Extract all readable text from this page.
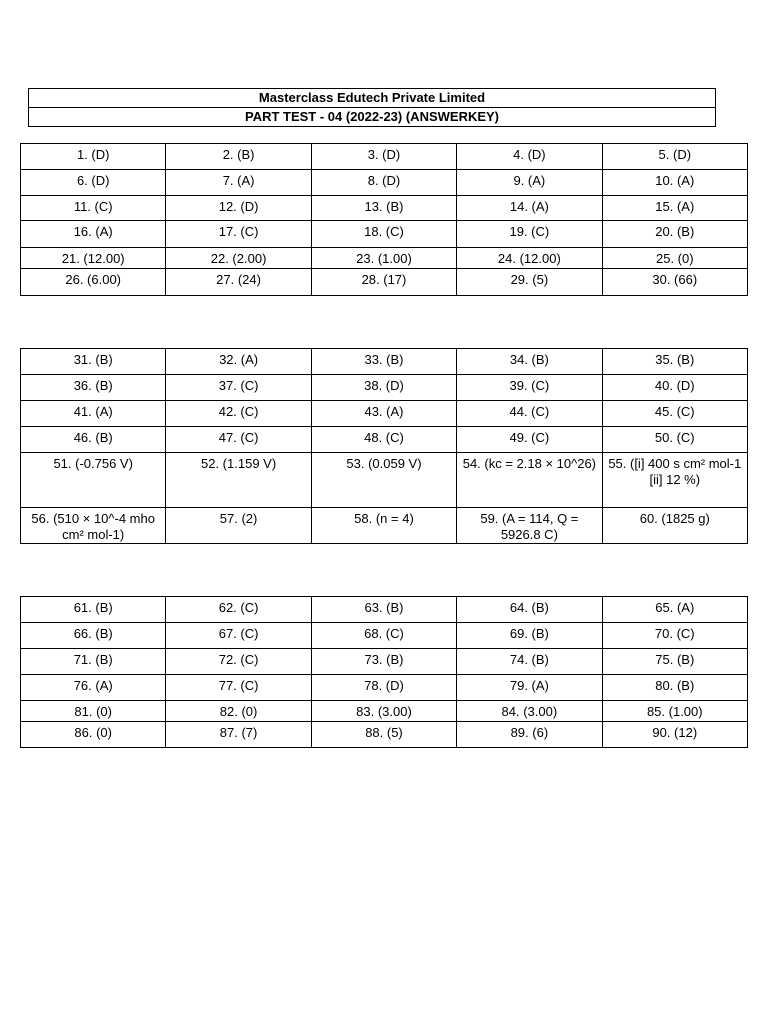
Masterclass Edutech Private Limited
PART TEST - 04 (2022-23) (ANSWERKEY)
1. (D)	2. (B)	3. (D)	4. (D)	5. (D)
6. (D)	7. (A)	8. (D)	9. (A)	10. (A)
11. (C)	12. (D)	13. (B)	14. (A)	15. (A)
16. (A)	17. (C)	18. (C)	19. (C)	20. (B)
21. (12.00)	22. (2.00)	23. (1.00)	24. (12.00)	25. (0)
26. (6.00)	27. (24)	28. (17)	29. (5)	30. (66)
31. (B)	32. (A)	33. (B)	34. (B)	35. (B)
36. (B)	37. (C)	38. (D)	39. (C)	40. (D)
41. (A)	42. (C)	43. (A)	44. (C)	45. (C)
46. (B)	47. (C)	48. (C)	49. (C)	50. (C)
51. (-0.756 V)	52. (1.159 V)	53. (0.059 V)	54. (kc = 2.18 × 10^26)	55. ([i] 400 s cm² mol-1 [ii] 12 %)
56. (510 × 10^-4 mho cm² mol-1)	57. (2)	58. (n = 4)	59. (A = 114, Q = 5926.8 C)	60. (1825 g)
61. (B)	62. (C)	63. (B)	64. (B)	65. (A)
66. (B)	67. (C)	68. (C)	69. (B)	70. (C)
71. (B)	72. (C)	73. (B)	74. (B)	75. (B)
76. (A)	77. (C)	78. (D)	79. (A)	80. (B)
81. (0)	82. (0)	83. (3.00)	84. (3.00)	85. (1.00)
86. (0)	87. (7)	88. (5)	89. (6)	90. (12)
